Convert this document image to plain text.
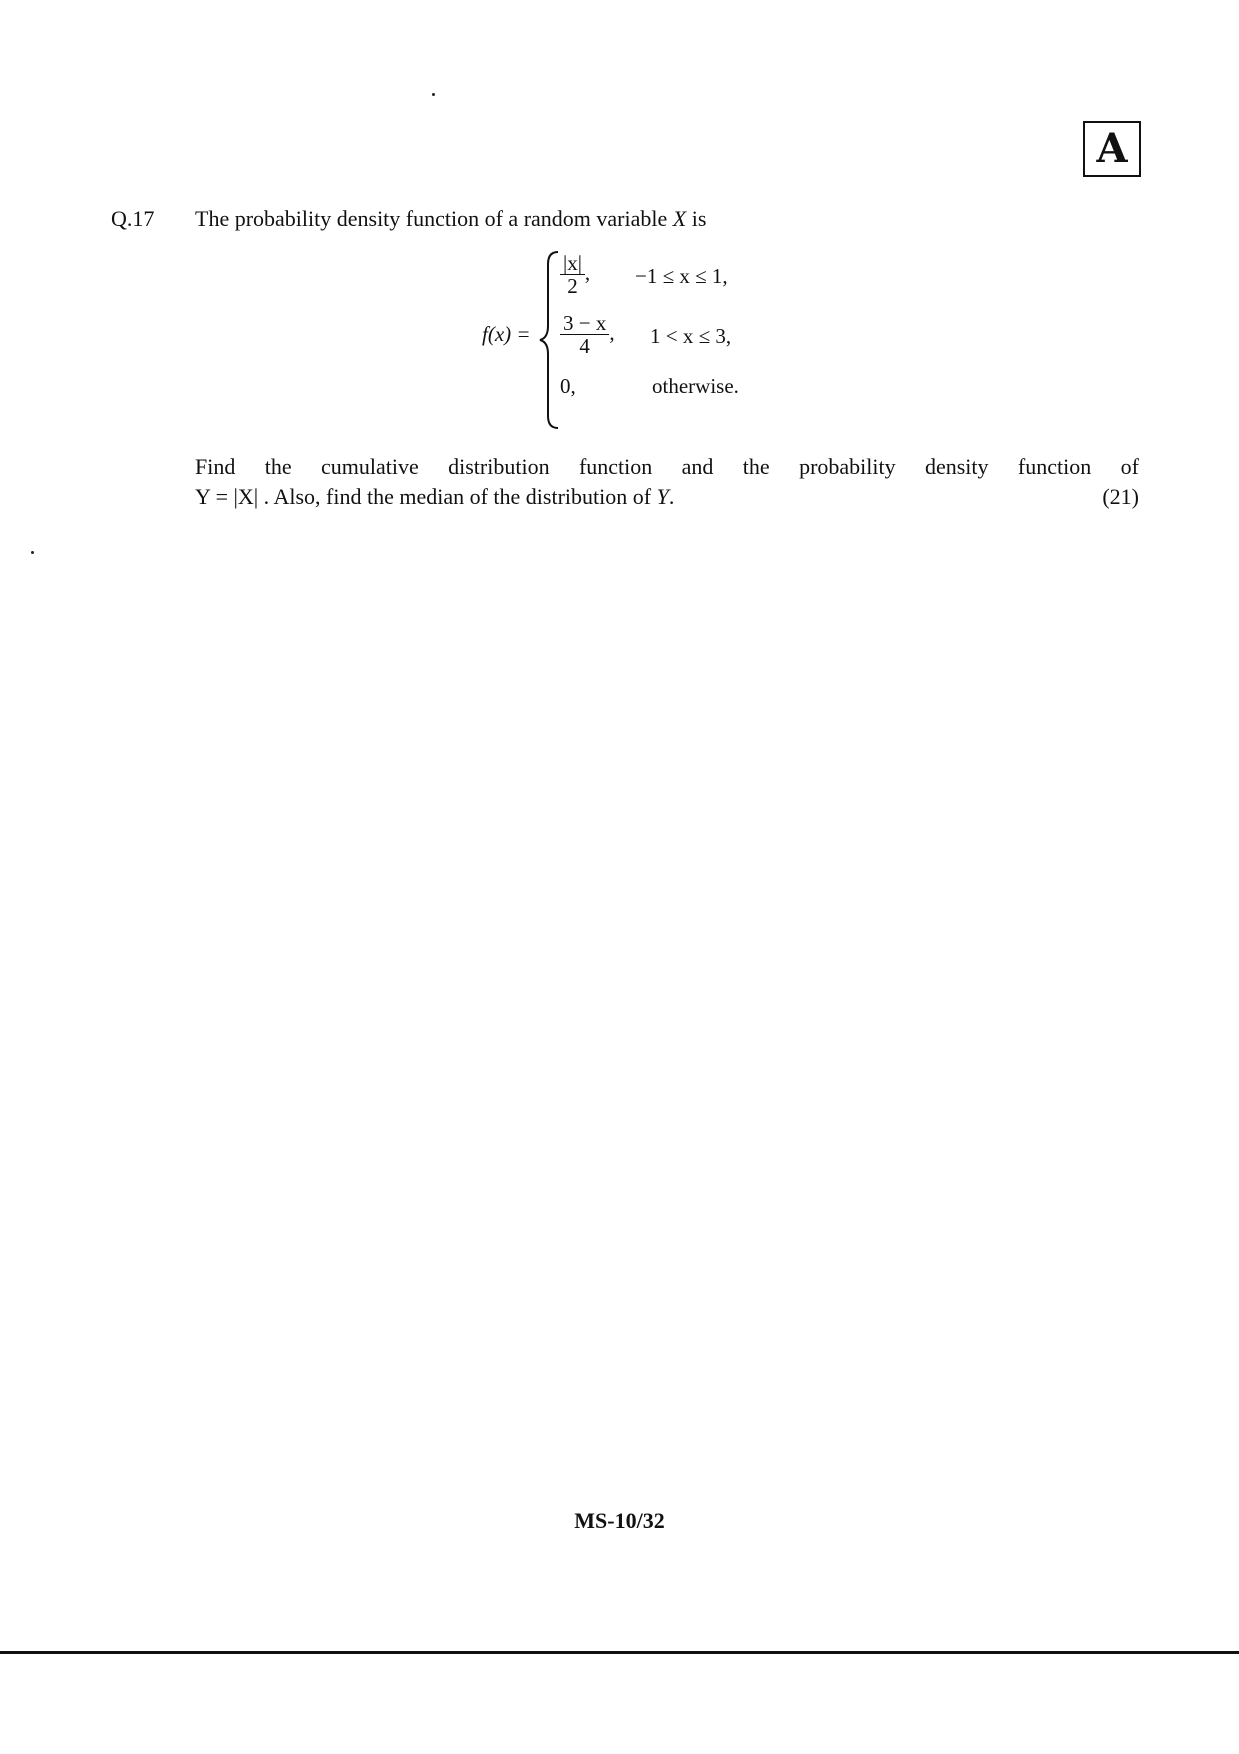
A
Q.17 The probability density function of a random variable X is
f(x) =
$\frac{|x|}{2}$ , −1 ≤ x ≤ 1,
$\frac{3 - x}{4}$ , 1 < x ≤ 3,
0,	otherwise.
Find the cumulative distribution function and the probability density function of
Y = |X| . Also, find the median of the distribution of Y.	(21)
MS-10/32
